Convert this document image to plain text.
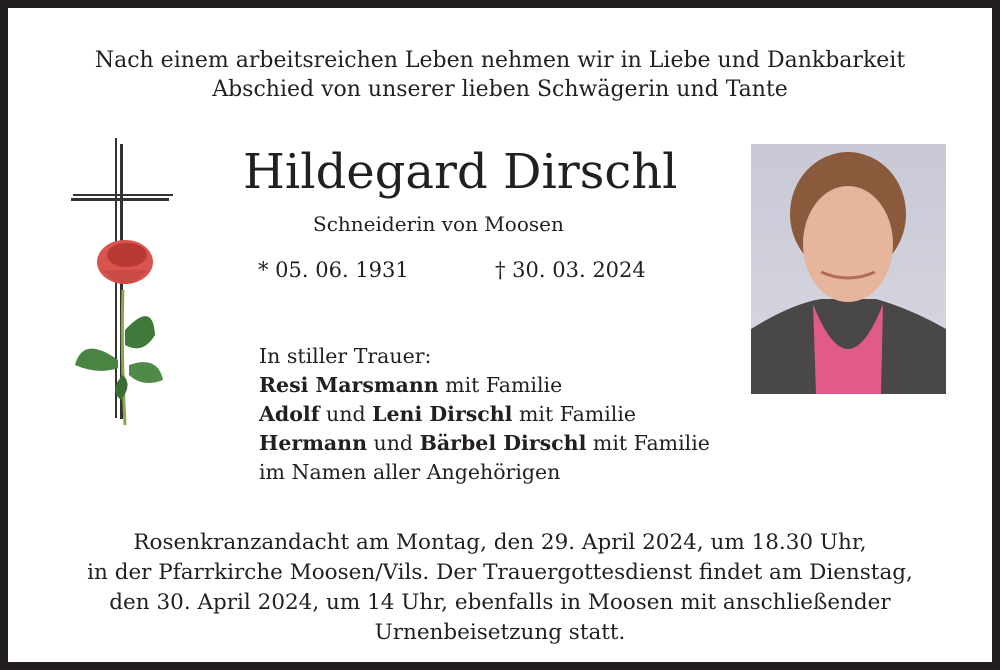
Nach einem arbeitsreichen Leben nehmen wir in Liebe und Dankbarkeit
Abschied von unserer lieben Schwägerin und Tante
Hildegard Dirschl
Schneiderin von Moosen
* 05. 06. 1931	† 30. 03. 2024
In stiller Trauer:
Resi Marsmann mit Familie
Adolf und Leni Dirschl mit Familie
Hermann und Bärbel Dirschl mit Familie
im Namen aller Angehörigen
Rosenkranzandacht am Montag, den 29. April 2024, um 18.30 Uhr,
in der Pfarrkirche Moosen/Vils. Der Trauergottesdienst findet am Dienstag,
den 30. April 2024, um 14 Uhr, ebenfalls in Moosen mit anschließender
Urnenbeisetzung statt.
